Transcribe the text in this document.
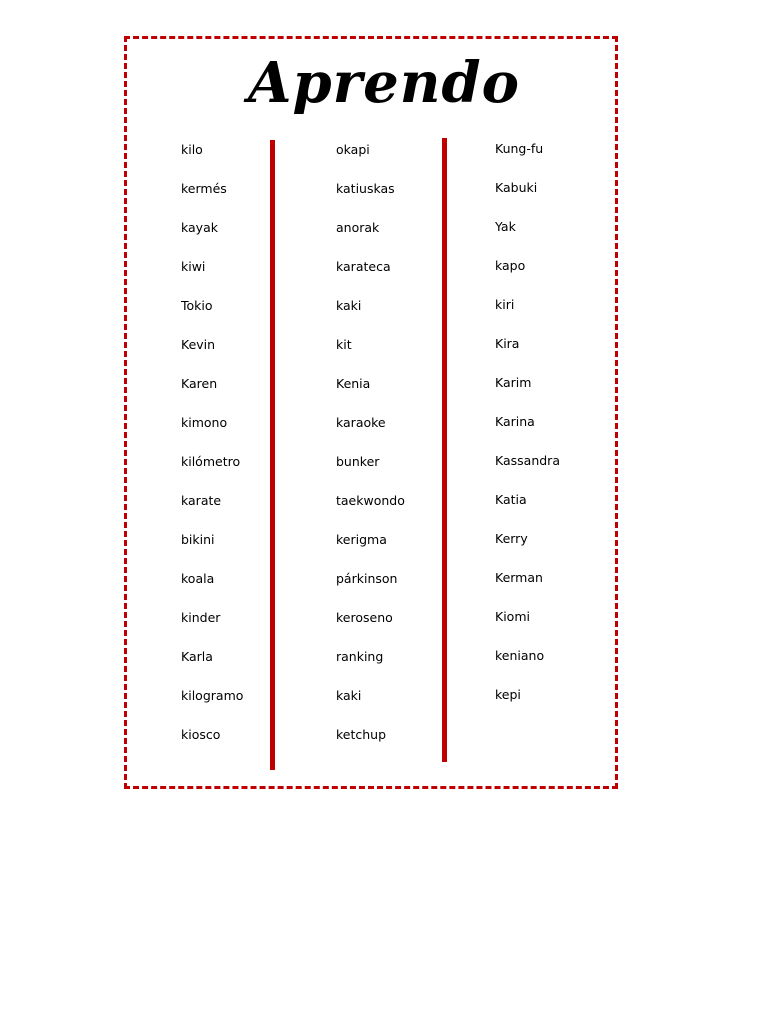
Aprendo
kilo
kermés
kayak
kiwi
Tokio
Kevin
Karen
kimono
kilómetro
karate
bikini
koala
kinder
Karla
kilogramo
kiosco
okapi
katiuskas
anorak
karateca
kaki
kit
Kenia
karaoke
bunker
taekwondo
kerigma
párkinson
keroseno
ranking
kaki
ketchup
Kung-fu
Kabuki
Yak
kapo
kiri
Kira
Karim
Karina
Kassandra
Katia
Kerry
Kerman
Kiomi
keniano
kepi
